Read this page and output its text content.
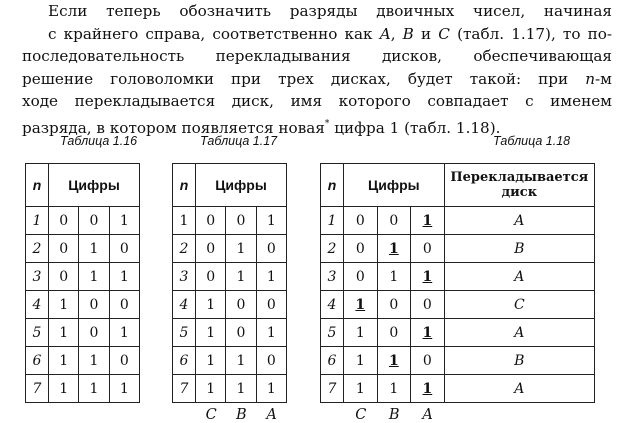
Если теперь обозначить разряды двоичных чисел, начиная

с крайнего справа, соответственно как A, B и C (табл. 1.17), то по-

последовательность перекладывания дисков, обеспечивающая

решение головоломки при трех дисках, будет такой: при n-м

ходе перекладывается диск, имя которого совпадает с именем

разряда, в котором появляется новая* цифра 1 (табл. 1.18).

Таблица 1.16	Таблица 1.17	Таблица 1.18
n	Цифры		
1	0	0	1
2	0	1	0
3	0	1	1
4	1	0	0
5	1	0	1
6	1	1	0
7	1	1	1
n	Цифры		
1	0	0	1
2	0	1	0
3	0	1	1
4	1	0	0
5	1	0	1
6	1	1	0
7	1	1	1
n	Цифры			Перекладывается
диск
1	0	0	1	A
2	0	1	0	B
3	0	1	1	A
4	1	0	0	C
5	1	0	1	A
6	1	1	0	B
7	1	1	1	A
C B A	C B A
